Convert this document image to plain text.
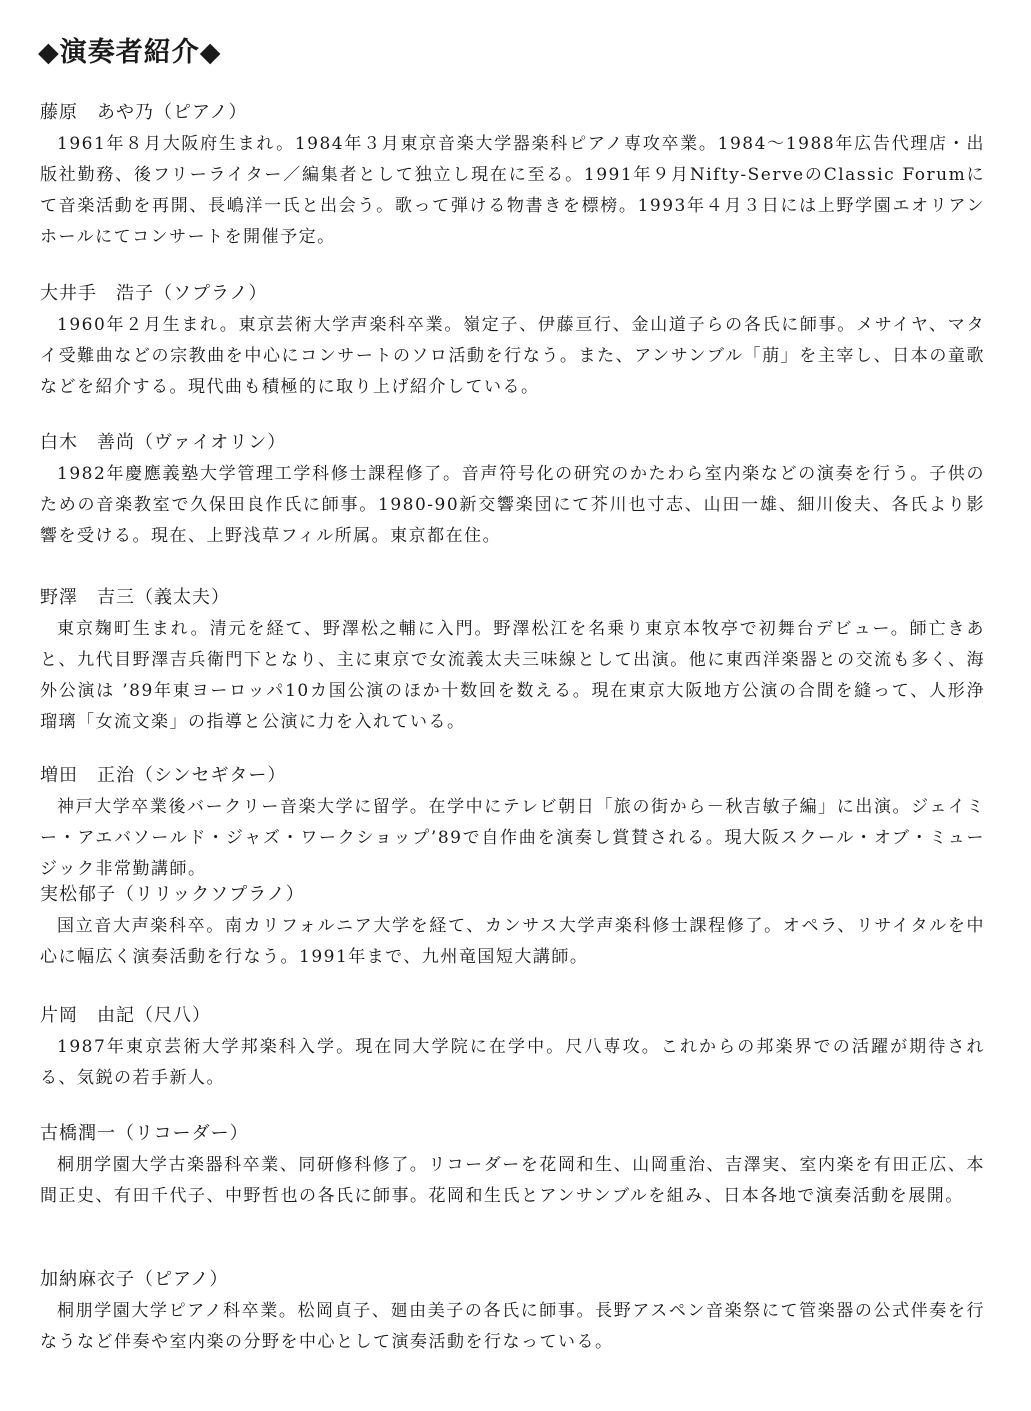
◆演奏者紹介◆
藤原　あや乃（ピアノ）

1961年８月大阪府生まれ。1984年３月東京音楽大学器楽科ピアノ専攻卒業。1984～1988年広告代理店・出版社勤務、後フリーライター／編集者として独立し現在に至る。1991年９月Nifty-ServeのClassic Forumにて音楽活動を再開、長嶋洋一氏と出会う。歌って弾ける物書きを標榜。1993年４月３日には上野学園エオリアンホールにてコンサートを開催予定。

大井手　浩子（ソプラノ）

1960年２月生まれ。東京芸術大学声楽科卒業。嶺定子、伊藤亘行、金山道子らの各氏に師事。メサイヤ、マタイ受難曲などの宗教曲を中心にコンサートのソロ活動を行なう。また、アンサンブル「萠」を主宰し、日本の童歌などを紹介する。現代曲も積極的に取り上げ紹介している。

白木　善尚（ヴァイオリン）

1982年慶應義塾大学管理工学科修士課程修了。音声符号化の研究のかたわら室内楽などの演奏を行う。子供のための音楽教室で久保田良作氏に師事。1980-90新交響楽団にて芥川也寸志、山田一雄、細川俊夫、各氏より影響を受ける。現在、上野浅草フィル所属。東京都在住。

野澤　吉三（義太夫）

東京麹町生まれ。清元を経て、野澤松之輔に入門。野澤松江を名乗り東京本牧亭で初舞台デビュー。師亡きあと、九代目野澤吉兵衛門下となり、主に東京で女流義太夫三味線として出演。他に東西洋楽器との交流も多く、海外公演は ’89年東ヨーロッパ10カ国公演のほか十数回を数える。現在東京大阪地方公演の合間を縫って、人形浄瑠璃「女流文楽」の指導と公演に力を入れている。

増田　正治（シンセギター）

神戸大学卒業後バークリー音楽大学に留学。在学中にテレビ朝日「旅の街から－秋吉敏子編」に出演。ジェイミー・アエバソールド・ジャズ・ワークショップ’89で自作曲を演奏し賞賛される。現大阪スクール・オブ・ミュージック非常勤講師。

実松郁子（リリックソプラノ）

国立音大声楽科卒。南カリフォルニア大学を経て、カンサス大学声楽科修士課程修了。オペラ、リサイタルを中心に幅広く演奏活動を行なう。1991年まで、九州竜国短大講師。

片岡　由記（尺八）

1987年東京芸術大学邦楽科入学。現在同大学院に在学中。尺八専攻。これからの邦楽界での活躍が期待される、気鋭の若手新人。

古橋潤一（リコーダー）

桐朋学園大学古楽器科卒業、同研修科修了。リコーダーを花岡和生、山岡重治、吉澤実、室内楽を有田正広、本間正史、有田千代子、中野哲也の各氏に師事。花岡和生氏とアンサンブルを組み、日本各地で演奏活動を展開。

加納麻衣子（ピアノ）

桐朋学園大学ピアノ科卒業。松岡貞子、廻由美子の各氏に師事。長野アスペン音楽祭にて管楽器の公式伴奏を行なうなど伴奏や室内楽の分野を中心として演奏活動を行なっている。
